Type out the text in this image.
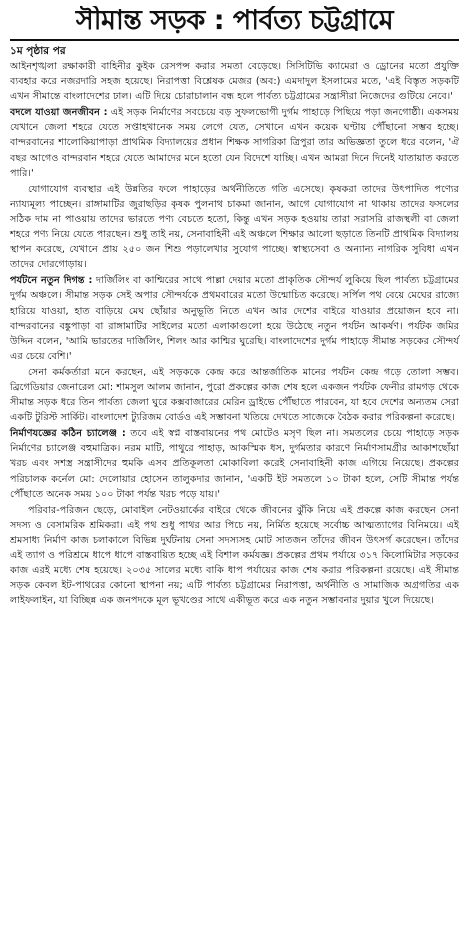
সীমান্ত সড়ক : পার্বত্য চট্টগ্রামে
১ম পৃষ্ঠার পর

আইনশৃঙ্খলা রক্ষাকারী বাহিনীর কুইক রেসপন্স করার সমতা বেড়েছে। সিসিটিভি ক্যামেরা ও ড্রোনের মতো প্রযুক্তি ব্যবহার করে নজরদারি সহজ হয়েছে। নিরাপত্তা বিশ্লেষক মেজর (অব:) এমদাদুল ইসলামের মতে, 'এই বিস্তৃত সড়কটি এখন সীমান্তে বাংলাদেশের ঢাল। এটি দিয়ে চোরাচালান বন্ধ হলে পার্বত্য চট্টগ্রামের সন্ত্রাসীরা নিজেদের গুটিয়ে নেবে।'

বদলে যাওয়া জনজীবন : এই সড়ক নির্মাণের সবচেয়ে বড় সুফলভোগী দুর্গম পাহাড়ে পিছিয়ে পড়া জনগোষ্ঠী। একসময় যেখানে জেলা শহরে যেতে সপ্তাহখানেক সময় লেগে যেত, সেখানে এখন কয়েক ঘণ্টায় পৌঁছানো সম্ভব হচ্ছে। বান্দরবানের শালোকিয়াপাড়া প্রাথমিক বিদ্যালয়ের প্রধান শিক্ষক সাগরিকা ত্রিপুরা তার অভিজ্ঞতা তুলে ধরে বলেন, 'ঐ বছর আগেও বান্দরবান শহরে যেতে আমাদের মনে হতো যেন বিদেশে যাচ্ছি। এখন আমরা দিনে দিনেই যাতায়াত করতে পারি।'

যোগাযোগ ব্যবস্থার এই উন্নতির ফলে পাহাড়ের অর্থনীতিতে গতি এসেছে। কৃষকরা তাদের উৎপাদিত পণ্যের ন্যায্যমূল্য পাচ্ছেন। রাঙ্গামাটির জুরাছড়ির কৃষক পুলনাথ চাকমা জানান, আগে যোগাযোগ না থাকায় তাদের ফসলের সঠিক দাম না পাওয়ায় তাদের ভারতে পণ্য বেচতে হতো, কিন্তু এখন সড়ক হওয়ায় তারা সরাসরি রাজস্থলী বা জেলা শহরে পণ্য নিয়ে যেতে পারছেন। শুধু তাই নয়, সেনাবাহিনী এই অঞ্চলে শিক্ষার আলো ছড়াতে তিনটি প্রাথমিক বিদ্যালয় স্থাপন করেছে, যেখানে প্রায় ২৫০ জন শিশু পড়ালেখার সুযোগ পাচ্ছে। স্বাস্থ্যসেবা ও অন্যান্য নাগরিক সুবিধা এখন তাদের দোরগোড়ায়।

পর্যটনে নতুন দিগন্ত : দার্জিলিং বা কাশ্মিরের সাথে পাল্লা দেয়ার মতো প্রাকৃতিক সৌন্দর্য লুকিয়ে ছিল পার্বত্য চট্টগ্রামের দুর্গম অঞ্চলে। সীমান্ত সড়ক সেই অপার সৌন্দর্যকে প্রথমবারের মতো উন্মোচিত করেছে। সর্পিল পথ বেয়ে মেঘের রাজ্যে হারিয়ে যাওয়া, হাত বাড়িয়ে মেঘ ছোঁয়ার অনুভূতি নিতে এখন আর দেশের বাইরে যাওয়ার প্রয়োজন হবে না। বান্দরবানের বঙ্কুপাড়া বা রাঙ্গামাটির সাইলের মতো এলাকাগুলো হয়ে উঠেছে নতুন পর্যটন আকর্ষণ। পর্যটক জমির উদ্দিন বলেন, 'আমি ভারতের দার্জিলিং, শিলং আর কাশ্মির ঘুরেছি। বাংলাদেশের দুর্গম পাহাড়ে সীমান্ত সড়কের সৌন্দর্য এর চেয়ে বেশি।'

সেনা কর্মকর্তারা মনে করছেন, এই সড়ককে কেন্দ্র করে আন্তর্জাতিক মানের পর্যটন কেন্দ্র গড়ে তোলা সম্ভব। ব্রিগেডিয়ার জেনারেল মো: শামসুল আলম জানান, পুরো প্রকল্পের কাজ শেষ হলে একজন পর্যটক ফেনীর রামগড় থেকে সীমান্ত সড়ক ধরে তিন পার্বত্য জেলা ঘুরে কক্সবাজারের মেরিন ড্রাইভে পৌঁছাতে পারবেন, যা হবে দেশের অন্যতম সেরা একটি টুরিস্ট সার্কিট। বাংলাদেশ ট্যুরিজম বোর্ডও এই সম্ভাবনা খতিয়ে দেখতে সাজেকে বৈঠক করার পরিকল্পনা করেছে।

নির্মাণযজ্ঞের কঠিন চ্যালেঞ্জ : তবে এই স্বপ্ন বাস্তবায়নের পথ মোটেও মসৃণ ছিল না। সমতলের চেয়ে পাহাড়ে সড়ক নির্মাণের চ্যালেঞ্জ বহুমাত্রিক। নরম মাটি, পাথুরে পাহাড়, আকস্মিক ধস, দুর্গমতার কারণে নির্মাণসামগ্রীর আকাশছোঁয়া খরচ এবং সশস্ত্র সন্ত্রাসীদের হুমকি এসব প্রতিকূলতা মোকাবিলা করেই সেনাবাহিনী কাজ এগিয়ে নিয়েছে। প্রকল্পের পরিচালক কর্নেল মো: দেলোয়ার হোসেন তালুকদার জানান, 'একটি ইট সমতলে ১০ টাকা হলে, সেটি সীমান্ত পর্যন্ত পৌঁছাতে অনেক সময় ১০০ টাকা পর্যন্ত খরচ পড়ে যায়।'

পরিবার-পরিজন ছেড়ে, মোবাইল নেটওয়ার্কের বাইরে থেকে জীবনের ঝুঁকি নিয়ে এই প্রকল্পে কাজ করছেন সেনা সদস্য ও বেসামরিক শ্রমিকরা। এই পথ শুধু পাথর আর পিচে নয়, নির্মিত হয়েছে সর্বোচ্চ আত্মত্যাগের বিনিময়ে। এই শ্রমসাধ্য নির্মাণ কাজ চলাকালে বিভিন্ন দুর্ঘটনায় সেনা সদস্যসহ মোট সাতজন তাঁদের জীবন উৎসর্গ করেছেন। তাঁদের এই ত্যাগ ও পরিশ্রমে ধাপে ধাপে বাস্তবায়িত হচ্ছে এই বিশাল কর্মযজ্ঞ। প্রকল্পের প্রথম পর্যায়ে ৩১৭ কিলোমিটার সড়কের কাজ এরই মধ্যে শেষ হয়েছে। ২০৩৫ সালের মধ্যে বাকি ধাপ পর্যায়ের কাজ শেষ করার পরিকল্পনা রয়েছে। এই সীমান্ত সড়ক কেবল ইট-পাথরের কোনো স্থাপনা নয়; এটি পার্বত্য চট্টগ্রামের নিরাপত্তা, অর্থনীতি ও সামাজিক অগ্রগতির এক লাইফলাইন, যা বিচ্ছিন্ন এক জনপদকে মূল ভূখণ্ডের সাথে একীভূত করে এক নতুন সম্ভাবনার দুয়ার খুলে দিয়েছে।
